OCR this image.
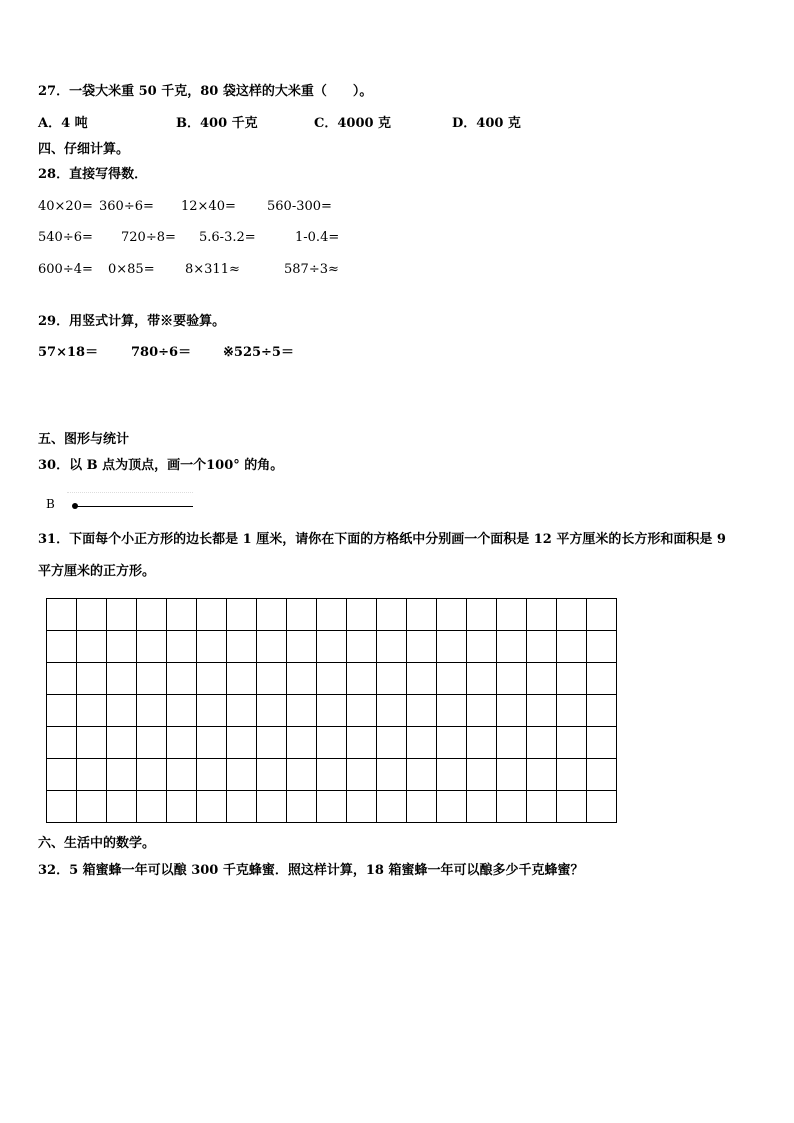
27．一袋大米重 50 千克，80 袋这样的大米重（　　）。
A．4 吨	B．400 千克	C．4000 克	D．400 克
四、仔细计算。
28．直接写得数．
40×20= 360÷6= 12×40= 560-300=
540÷6= 720÷8= 5.6-3.2=	1-0.4=
600÷4= 0×85= 8×311≈	587÷3≈
29．用竖式计算，带※要验算。
57×18＝	780÷6＝ ※525÷5＝
五、图形与统计
30．以 B 点为顶点，画一个100° 的角。
B
31．下面每个小正方形的边长都是 1 厘米，请你在下面的方格纸中分别画一个面积是 12 平方厘米的长方形和面积是 9
平方厘米的正方形。

六、生活中的数学。
32．5 箱蜜蜂一年可以酿 300 千克蜂蜜．照这样计算，18 箱蜜蜂一年可以酿多少千克蜂蜜？
